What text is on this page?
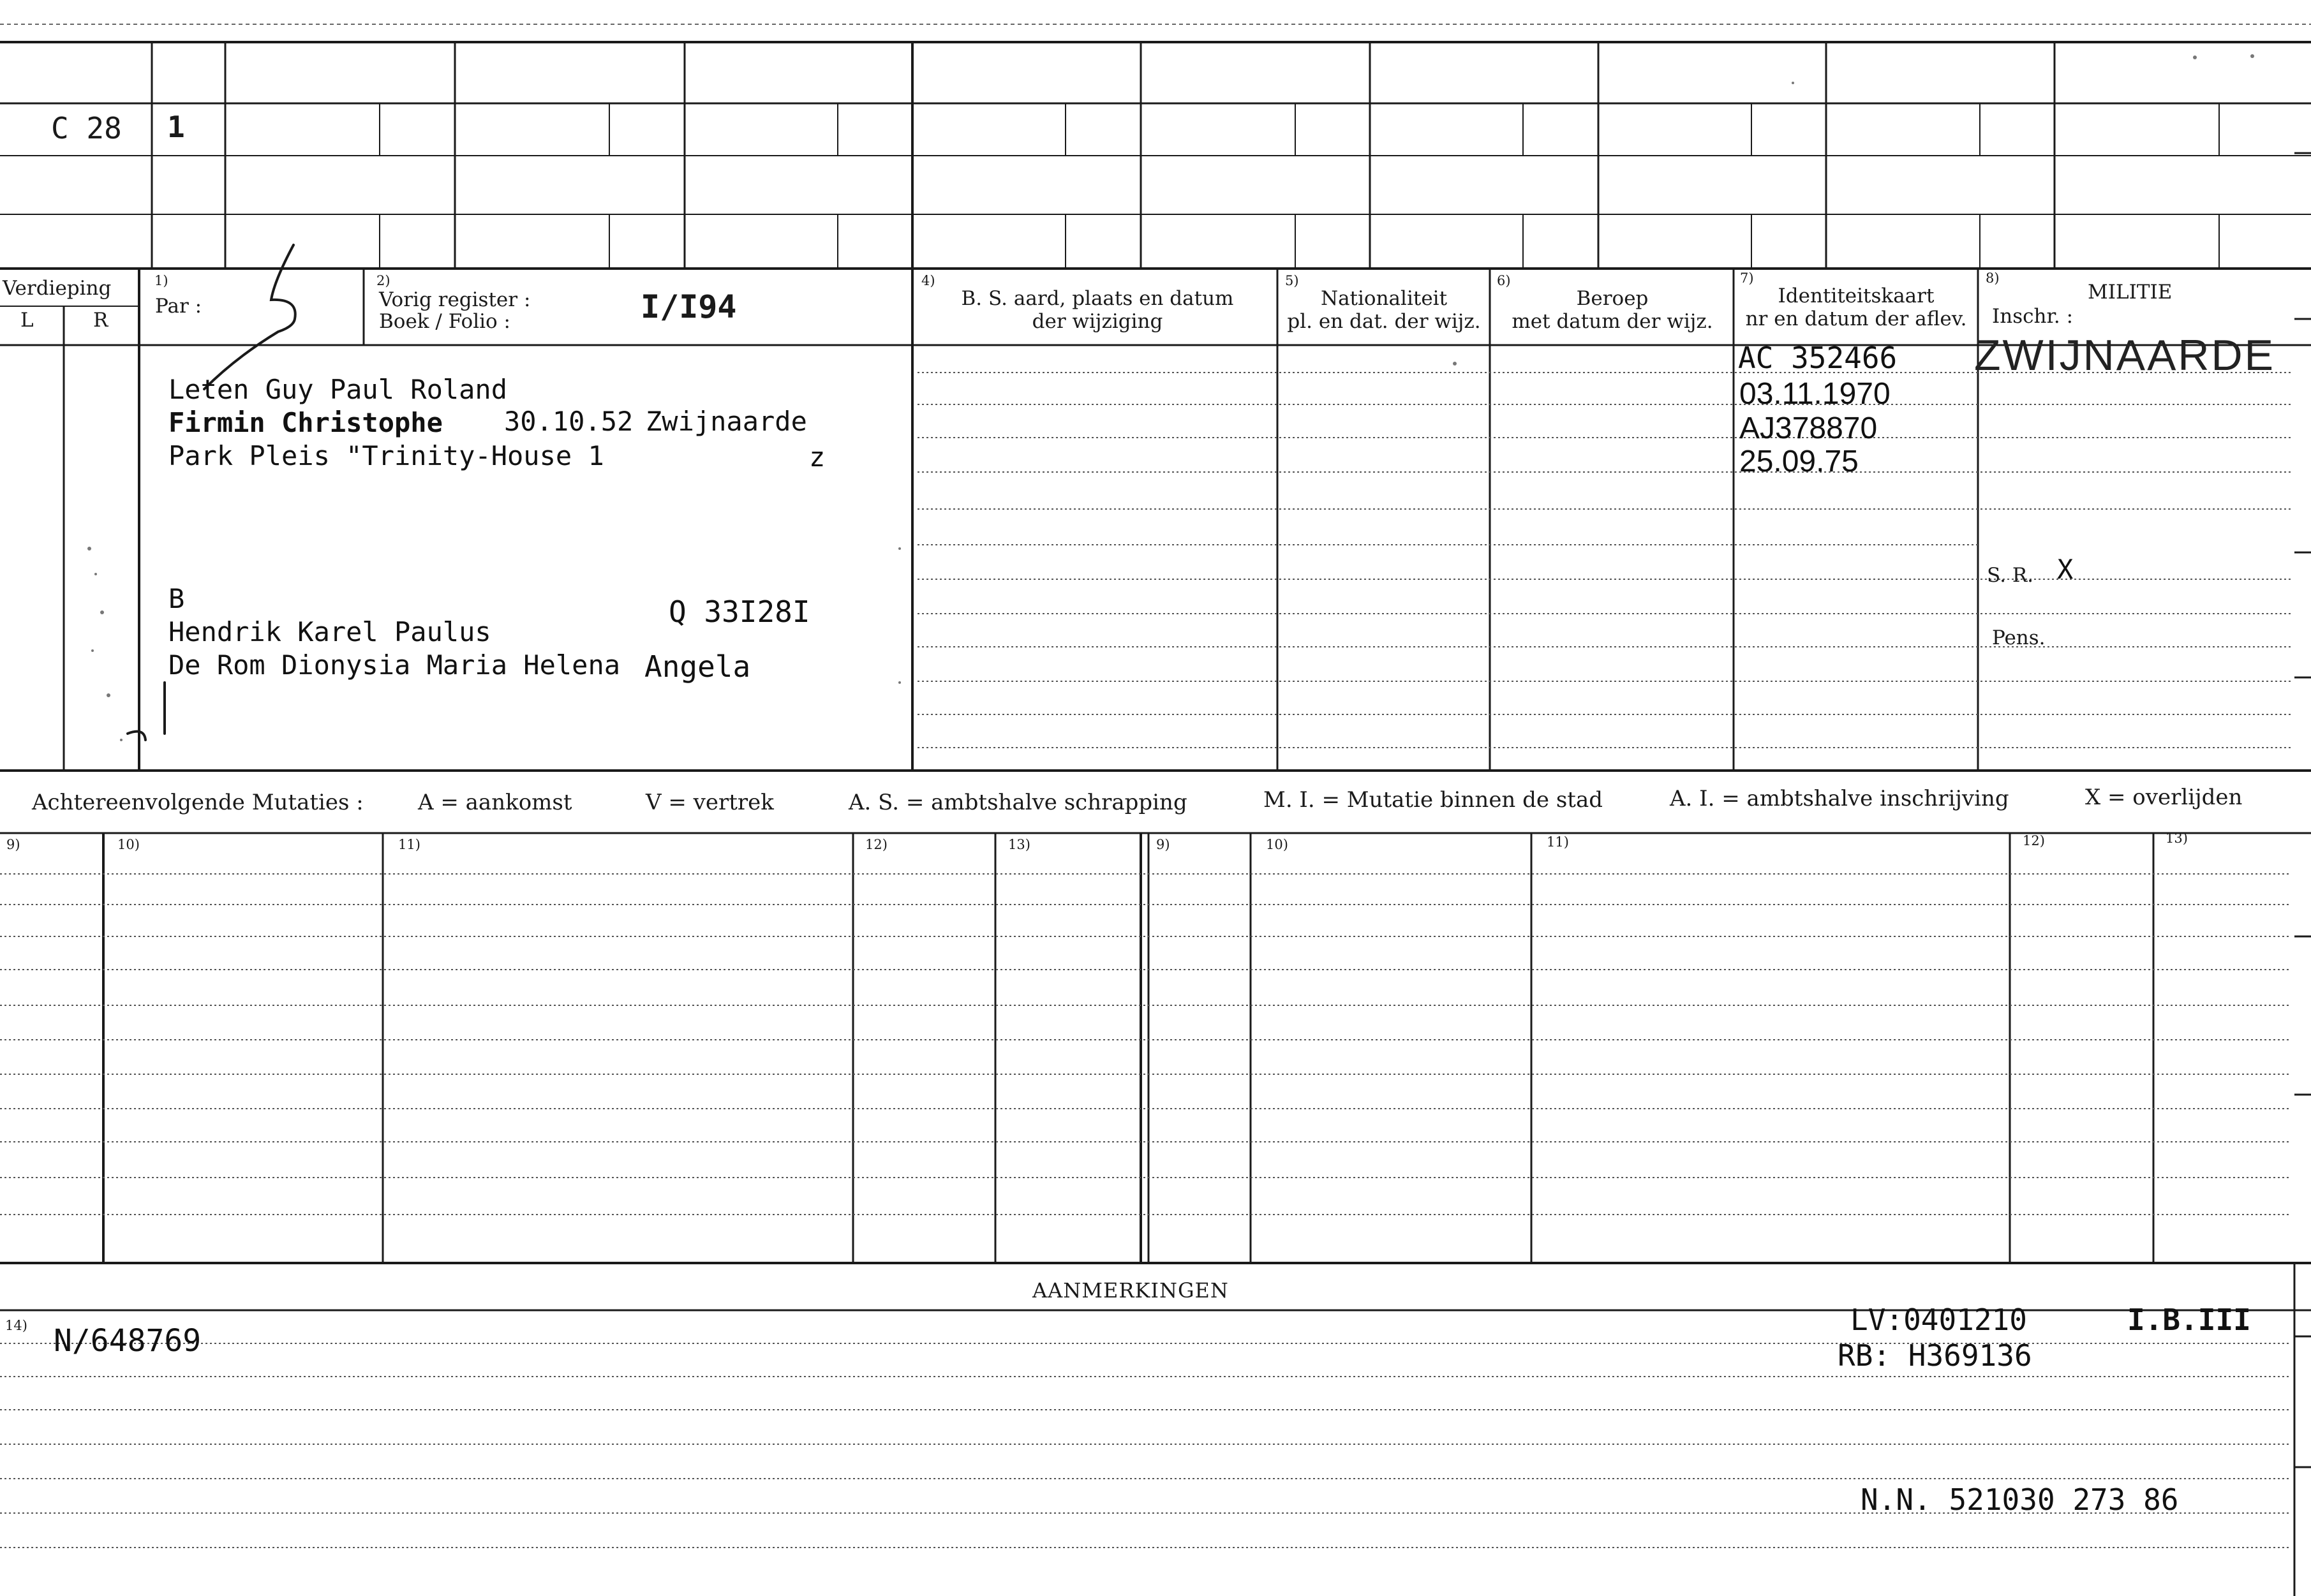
C 28 1
Verdieping
L	R
1)
Par :
2)
Vorig register :
Boek / Folio :	I/I94
4)
B. S. aard, plaats en datum
der wijziging
5)
Nationaliteit
pl. en dat. der wijz.
6)
Beroep
met datum der wijz.
7)
Identiteitskaart
nr en datum der aflev.
8)
MILITIE
Inschr. :
Leten Guy Paul Roland
Firmin Christophe 30.10.52 Zwijnaarde
Park Pleis "Trinity-House 1	z
B
Hendrik Karel Paulus
Q 33I28I
De Rom Dionysia Maria Helena Angela
AC 352466
03.11.1970
AJ378870
25.09.75
ZWIJNAARDE
S. R. X
Pens.
Achtereenvolgende Mutaties :	A = aankomst	V = vertrek	A. S. = ambtshalve schrapping	M. I. = Mutatie binnen de stad	A. I. = ambtshalve inschrijving	X = overlijden
9)	10)	11)	12)	13)	9)	10)	11)	12)	13)
AANMERKINGEN
14) N/648769
LV:0401210	I.B.III
RB: H369136
N.N. 521030 273 86
